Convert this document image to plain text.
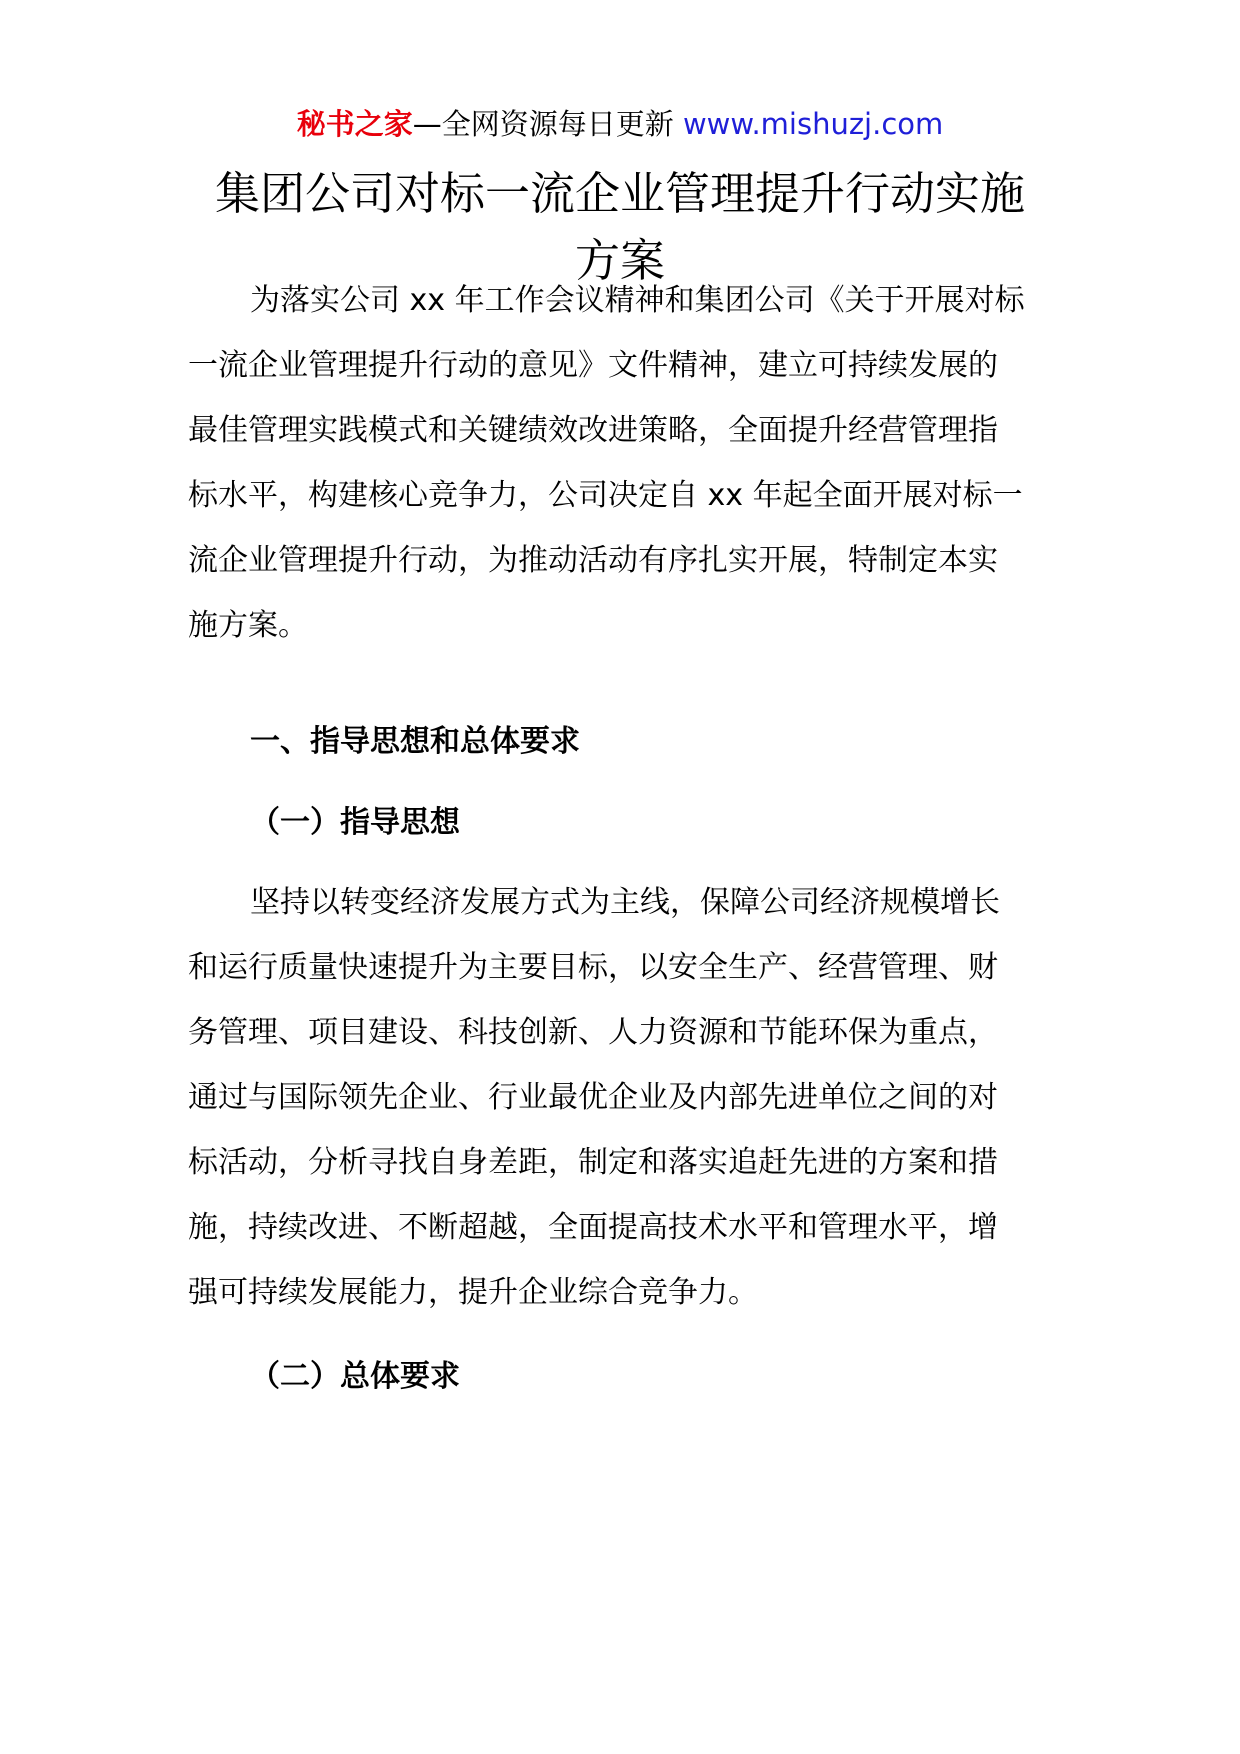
秘书之家—全网资源每日更新 www.mishuzj.com
集团公司对标一流企业管理提升行动实施
方案
为落实公司 xx 年工作会议精神和集团公司《关于开展对标
一流企业管理提升行动的意见》文件精神，建立可持续发展的
最佳管理实践模式和关键绩效改进策略，全面提升经营管理指
标水平，构建核心竞争力，公司决定自 xx 年起全面开展对标一
流企业管理提升行动，为推动活动有序扎实开展，特制定本实
施方案。
一、指导思想和总体要求
（一）指导思想
坚持以转变经济发展方式为主线，保障公司经济规模增长
和运行质量快速提升为主要目标，以安全生产、经营管理、财
务管理、项目建设、科技创新、人力资源和节能环保为重点，
通过与国际领先企业、行业最优企业及内部先进单位之间的对
标活动，分析寻找自身差距，制定和落实追赶先进的方案和措
施，持续改进、不断超越，全面提高技术水平和管理水平，增
强可持续发展能力，提升企业综合竞争力。
（二）总体要求
